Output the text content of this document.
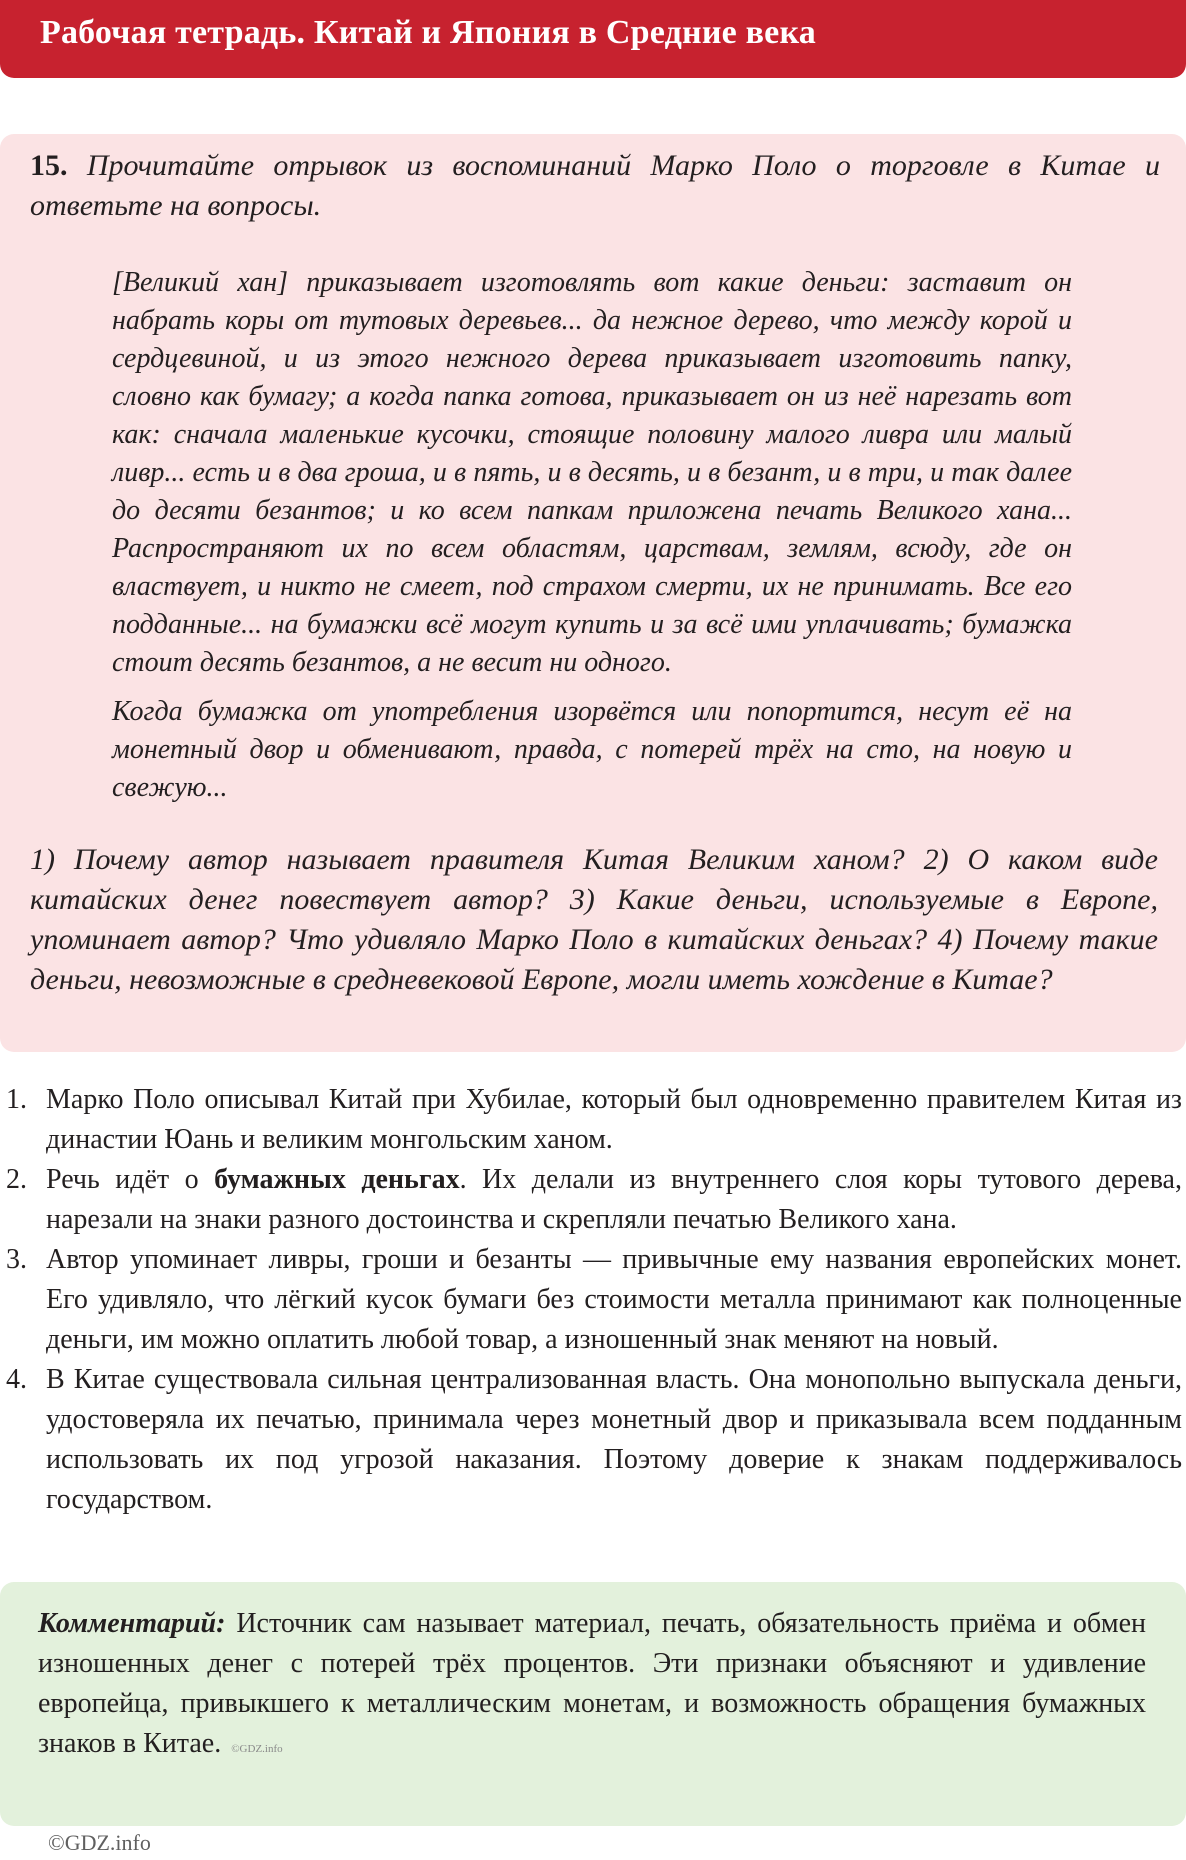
Рабочая тетрадь. Китай и Япония в Средние века

15. Прочитайте отрывок из воспоминаний Марко Поло о торговле в Китае и ответьте на вопросы.

[Великий хан] приказывает изготовлять вот какие деньги: заставит он набрать коры от тутовых деревьев... да нежное дерево, что между корой и сердцевиной, и из этого нежного дерева приказывает изготовить папку, словно как бумагу; а когда папка готова, приказывает он из неё нарезать вот как: сначала маленькие кусочки, стоящие половину малого ливра или малый ливр... есть и в два гроша, и в пять, и в десять, и в безант, и в три, и так далее до десяти безантов; и ко всем папкам приложена печать Великого хана... Распространяют их по всем областям, царствам, землям, всюду, где он властвует, и никто не смеет, под страхом смерти, их не принимать. Все его подданные... на бумажки всё могут купить и за всё ими уплачивать; бумажка стоит десять безантов, а не весит ни одного.

Когда бумажка от употребления изорвётся или попортится, несут её на монетный двор и обменивают, правда, с потерей трёх на сто, на новую и свежую...

1) Почему автор называет правителя Китая Великим ханом? 2) О каком виде китайских денег повествует автор? 3) Какие деньги, используемые в Европе, упоминает автор? Что удивляло Марко Поло в китайских деньгах? 4) Почему такие деньги, невозможные в средневековой Европе, могли иметь хождение в Китае?

1. Марко Поло описывал Китай при Хубилае, который был одновременно правителем Китая из династии Юань и великим монгольским ханом.
2. Речь идёт о бумажных деньгах. Их делали из внутреннего слоя коры тутового дерева, нарезали на знаки разного достоинства и скрепляли печатью Великого хана.
3. Автор упоминает ливры, гроши и безанты — привычные ему названия европейских монет. Его удивляло, что лёгкий кусок бумаги без стоимости металла принимают как полноценные деньги, им можно оплатить любой товар, а изношенный знак меняют на новый.
4. В Китае существовала сильная централизованная власть. Она монопольно выпускала деньги, удостоверяла их печатью, принимала через монетный двор и приказывала всем подданным использовать их под угрозой наказания. Поэтому доверие к знакам поддерживалось государством.

Комментарий: Источник сам называет материал, печать, обязательность приёма и обмен изношенных денег с потерей трёх процентов. Эти признаки объясняют и удивление европейца, привыкшего к металлическим монетам, и возможность обращения бумажных знаков в Китае. ©GDZ.info

©GDZ.info
